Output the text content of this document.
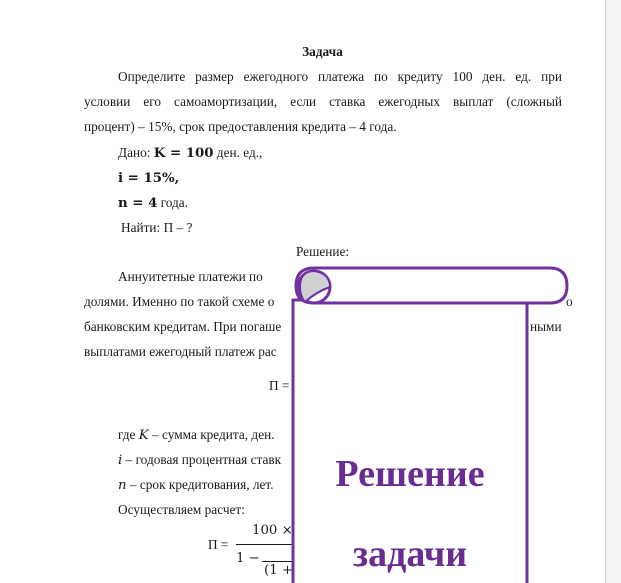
Задача
Определите размер ежегодного платежа по кредиту 100 ден. ед. при
условии его самоамортизации, если ставка ежегодных выплат (сложный
процент) – 15%, срок предоставления кредита – 4 года.
Дано: K = 100 ден. ед.,
i = 15%,
n = 4 года.
Найти: П – ?
Решение:
Аннуитетные платежи по
долями. Именно по такой схеме о	о
банковским кредитам. При погаше	ными
выплатами ежегодный платеж рас
П =
где K – сумма кредита, ден.
i – годовая процентная ставк
n – срок кредитования, лет.
Осуществляем расчет:
П =
100 ×
1 −
(1 +
Решение
задачи
